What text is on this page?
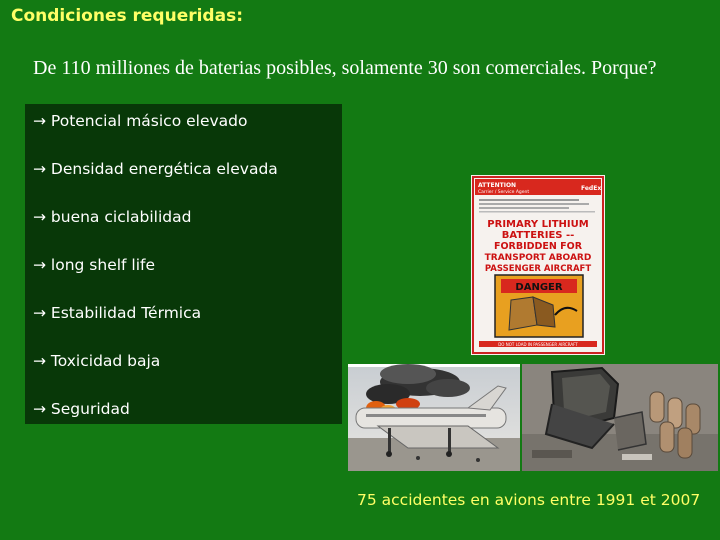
Condiciones requeridas:
De 110 milliones de baterias posibles, solamente 30 son comerciales. Porque?
→ Potencial másico elevado
→ Densidad energética elevada
→ buena ciclabilidad
→ long shelf life
→ Estabilidad Térmica
→ Toxicidad baja
→ Seguridad
ATTENTION
Carrier / Service Agent
FedEx
PRIMARY LITHIUM
BATTERIES --
FORBIDDEN FOR
TRANSPORT ABOARD
PASSENGER AIRCRAFT
DANGER
DO NOT LOAD IN PASSENGER AIRCRAFT
75 accidentes en avions entre 1991 et 2007
